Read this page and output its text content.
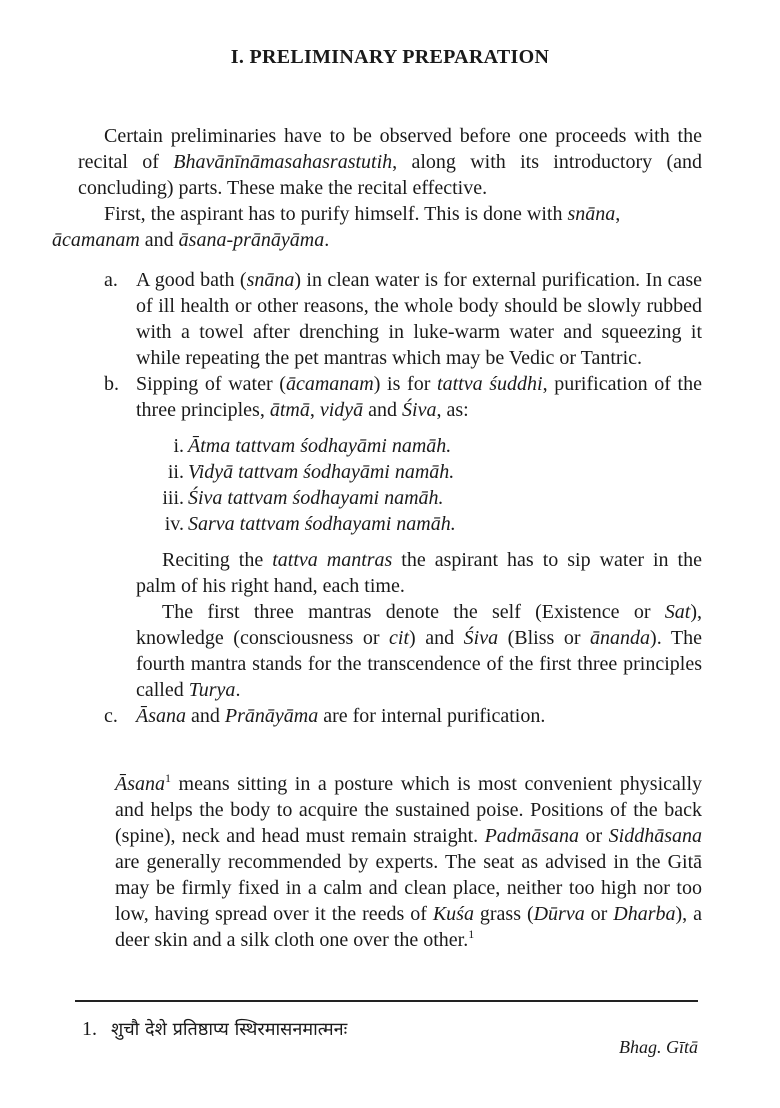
I. PRELIMINARY PREPARATION

Certain preliminaries have to be observed before one proceeds with the recital of Bhavānīnāmasahasrastutih, along with its introductory (and concluding) parts. These make the recital effective.

First, the aspirant has to purify himself. This is done with snāna,
ācamanam and āsana-prānāyāma.

a. A good bath (snāna) in clean water is for external purification. In case of ill health or other reasons, the whole body should be slowly rubbed with a towel after drenching in luke-warm water and squeezing it while repeating the pet mantras which may be Vedic or Tantric.
b. Sipping of water (ācamanam) is for tattva śuddhi, purification of the three principles, ātmā, vidyā and Śiva, as:
i. Ātma tattvam śodhayāmi namāh.
ii. Vidyā tattvam śodhayāmi namāh.
iii. Śiva tattvam śodhayami namāh.
iv. Sarva tattvam śodhayami namāh.

Reciting the tattva mantras the aspirant has to sip water in the palm of his right hand, each time.

The first three mantras denote the self (Existence or Sat), knowledge (consciousness or cit) and Śiva (Bliss or ānanda). The fourth mantra stands for the transcendence of the first three principles called Turya.

c. Āsana and Prānāyāma are for internal purification.

Āsana$^1$ means sitting in a posture which is most convenient physically and helps the body to acquire the sustained poise. Positions of the back (spine), neck and head must remain straight. Padmāsana or Siddhāsana are generally recommended by experts. The seat as advised in the Gitā may be firmly fixed in a calm and clean place, neither too high nor too low, having spread over it the reeds of Kuśa grass (Dūrva or Dharba), a deer skin and a silk cloth one over the other.$^1$

1. शुचौ देशे प्रतिष्ठाप्य स्थिरमासनमात्मनः
Bhag. Gītā
